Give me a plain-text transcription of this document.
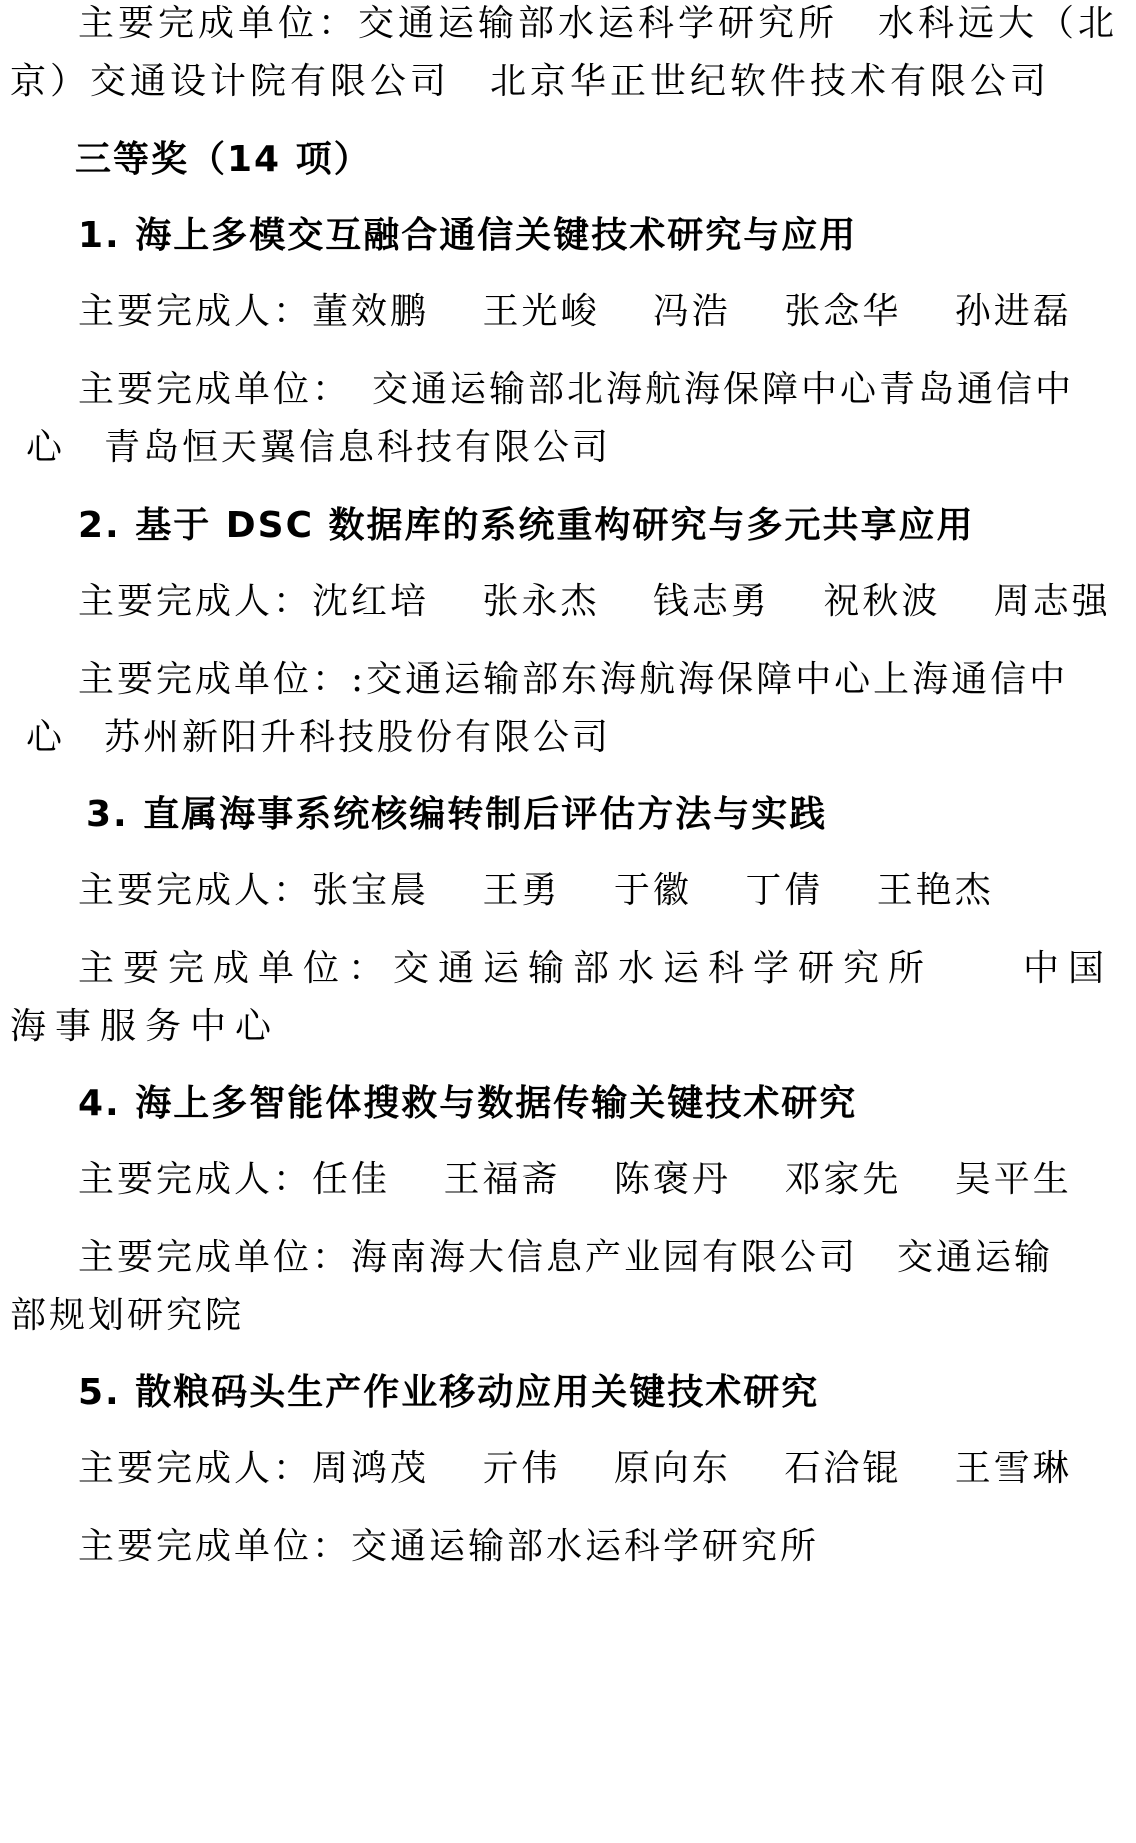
主要完成单位：交通运输部水运科学研究所　水科远大（北
京）交通设计院有限公司　北京华正世纪软件技术有限公司
三等奖（14 项）
1. 海上多模交互融合通信关键技术研究与应用
主要完成人：董效鹏　 王光峻　 冯浩　 张念华　 孙进磊
主要完成单位：　交通运输部北海航海保障中心青岛通信中
心　青岛恒天翼信息科技有限公司
2. 基于 DSC 数据库的系统重构研究与多元共享应用
主要完成人：沈红培　 张永杰　 钱志勇　 祝秋波　 周志强
主要完成单位：:交通运输部东海航海保障中心上海通信中
心　苏州新阳升科技股份有限公司
3. 直属海事系统核编转制后评估方法与实践
主要完成人：张宝晨　 王勇　 于徽　 丁倩　 王艳杰
主要完成单位：交通运输部水运科学研究所　　中国
海事服务中心
4. 海上多智能体搜救与数据传输关键技术研究
主要完成人：任佳　 王福斋　 陈褒丹　 邓家先　 吴平生
主要完成单位：海南海大信息产业园有限公司　交通运输
部规划研究院
5. 散粮码头生产作业移动应用关键技术研究
主要完成人：周鸿茂　 亓伟　 原向东　 石洽锟　 王雪琳
主要完成单位：交通运输部水运科学研究所
